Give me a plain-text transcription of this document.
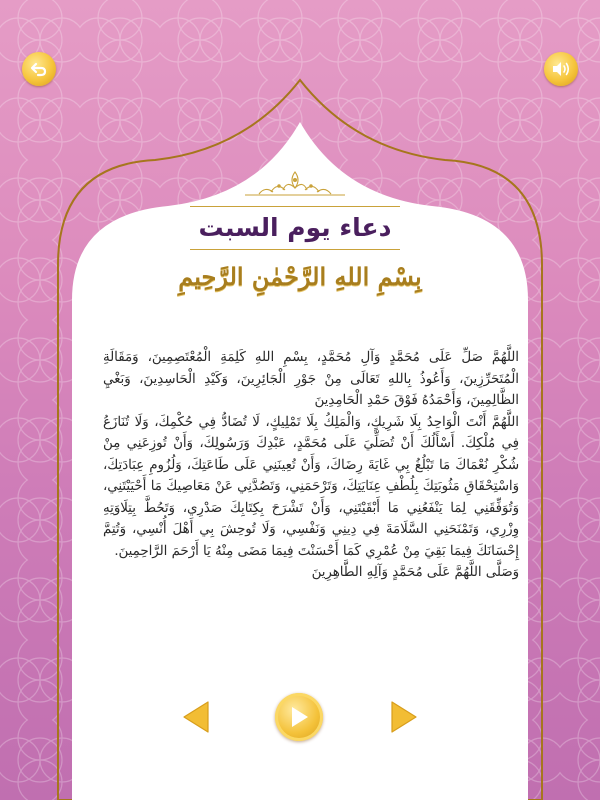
دعاء يوم السبت
بِسْمِ اللهِ الرَّحْمٰنِ الرَّحِيمِ

اللَّهُمَّ صَلِّ عَلَى مُحَمَّدٍ وَآلِ مُحَمَّدٍ، بِسْمِ اللهِ كَلِمَةِ الْمُعْتَصِمِينَ، وَمَقَالَةِ الْمُتَحَرِّزِينَ، وَأَعُوذُ بِاللهِ تَعَالَى مِنْ جَوْرِ الْجَائِرِينَ، وَكَيْدِ الْحَاسِدِينَ، وَبَغْيِ الظَّالِمِينَ، وَأَحْمَدُهُ فَوْقَ حَمْدِ الْحَامِدِينَ

اللَّهُمَّ أَنْتَ الْوَاحِدُ بِلَا شَرِيكٍ، وَالْمَلِكُ بِلَا تَمْلِيكٍ، لَا تُضَادُّ فِي حُكْمِكَ، وَلَا تُنَازَعُ فِي مُلْكِكَ. أَسْأَلُكَ أَنْ تُصَلِّيَ عَلَى مُحَمَّدٍ، عَبْدِكَ وَرَسُولِكَ، وَأَنْ تُوزِعَنِي مِنْ شُكْرِ نُعْمَاكَ مَا تَبْلُغُ بِي غَايَةَ رِضَاكَ، وَأَنْ تُعِينَنِي عَلَى طَاعَتِكَ، وَلُزُومِ عِبَادَتِكَ، وَاسْتِحْقَاقِ مَثُوبَتِكَ بِلُطْفِ عِنَايَتِكَ، وَتَرْحَمَنِي، وَتَصُدَّنِي عَنْ مَعَاصِيكَ مَا أَحْيَيْتَنِي، وَتُوَفِّقَنِي لِمَا يَنْفَعُنِي مَا أَبْقَيْتَنِي، وَأَنْ تَشْرَحَ بِكِتَابِكَ صَدْرِي، وَتَحُطَّ بِتِلَاوَتِهِ وِزْرِي، وَتَمْنَحَنِي السَّلَامَةَ فِي دِينِي وَنَفْسِي، وَلَا تُوحِشَ بِي أَهْلَ أُنْسِي، وَتُتِمَّ إِحْسَانَكَ فِيمَا بَقِيَ مِنْ عُمْرِي كَمَا أَحْسَنْتَ فِيمَا مَضَى مِنْهُ يَا أَرْحَمَ الرَّاحِمِينَ.

وَصَلَّى اللَّهُمَّ عَلَى مُحَمَّدٍ وَآلِهِ الطَّاهِرِينَ
